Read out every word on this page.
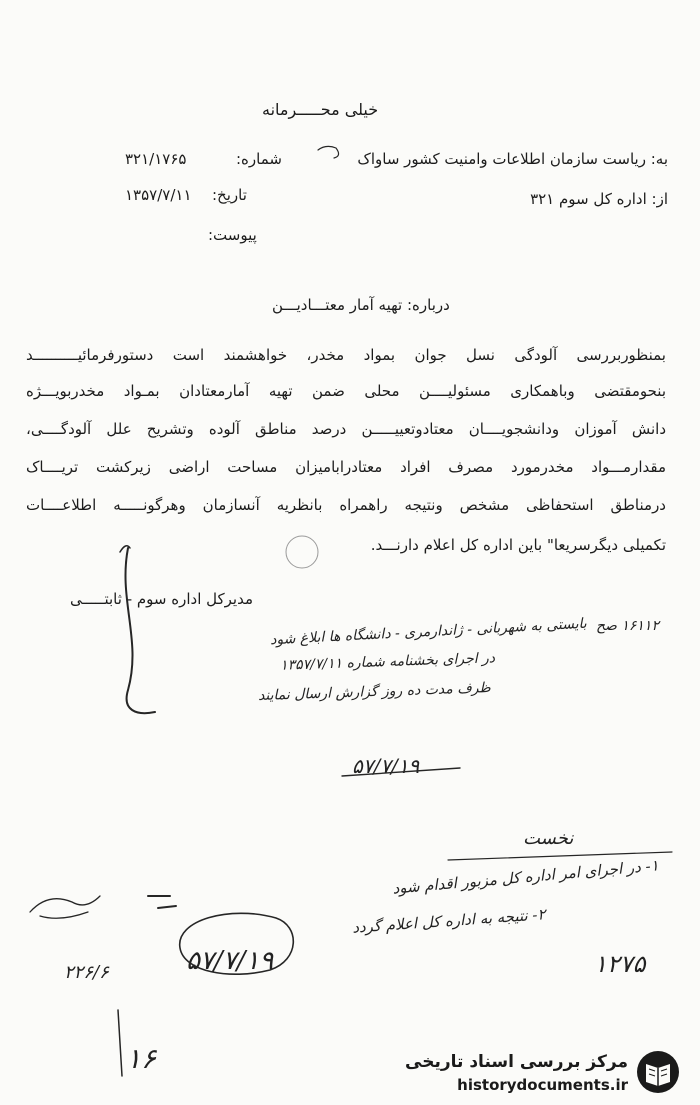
خیلی محـــــرمانه
به: ریاست سازمان اطلاعات وامنیت کشور ساواک
از: اداره کل سوم ۳۲۱
شماره:
۳۲۱/۱۷۶۵
تاریخ:
۱۳۵۷/۷/۱۱
پیوست:
درباره: تهیه آمار معتـــادیـــن
بمنظوربررسی آلودگی نسل جوان بمواد مخدر، خواهشمند است دستورفرمائیــــــــــد
بنحومقتضی وباهمکاری مسئولیــــن محلی ضمن تهیه آمارمعتادان بمـواد مخدربویـــژه
دانش آموزان ودانشجویــــان معتادوتعییـــــن درصد مناطق آلوده وتشریح علل آلودگــــی،
مقدارمـــواد مخدرمورد مصرف افراد معتادراباميزان مساحت اراضی زیرکشت تریــــاک
درمناطق استحفاظی مشخص ونتیجه راهمراه بانظریه آنسازمان وهرگونـــــه اطلاعــــات
تکمیلی دیگرسریعا" باین اداره کل اعلام دارنـــد.
مدیرکل اداره سوم - ثابتـــــی
۱۶۱۱۲ صح
بایستی به شهربانی - ژاندارمری - دانشگاه ها ابلاغ شود
در اجرای بخشنامه شماره ۱۳۵۷/۷/۱۱
ظرف مدت ده روز گزارش ارسال نمایند
۵۷/۷/۱۹
نخست
۱- در اجرای امر اداره کل مزبور اقدام شود
۲- نتیجه به اداره کل اعلام گردد
۵۷/۷/۱۹	۱۲۷۵
۲۲۶/۶
۱۶	مرکز بررسی اسناد تاریخی
historydocuments.ir
